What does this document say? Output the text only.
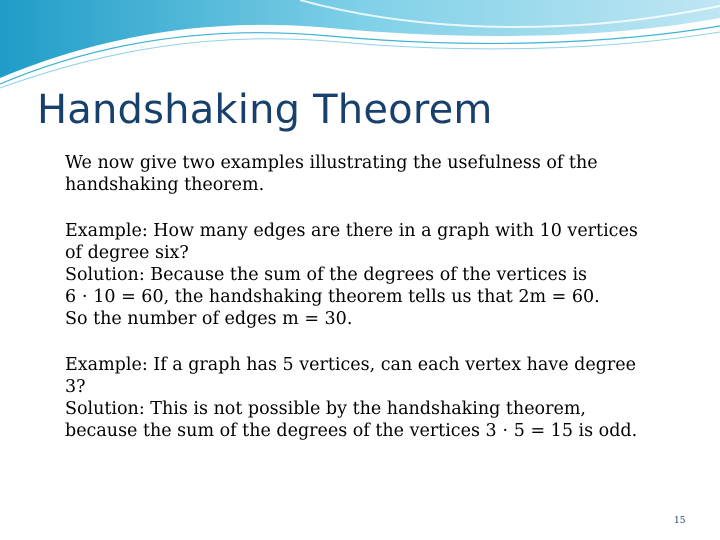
Handshaking Theorem

We now give two examples illustrating the usefulness of the
handshaking theorem.

Example: How many edges are there in a graph with 10 vertices
of degree six?
Solution: Because the sum of the degrees of the vertices is
6 ⋅ 10 = 60, the handshaking theorem tells us that 2m = 60.
So the number of edges m = 30.

Example: If a graph has 5 vertices, can each vertex have degree
3?
Solution: This is not possible by the handshaking theorem,
because the sum of the degrees of the vertices 3 ⋅ 5 = 15 is odd.

15
